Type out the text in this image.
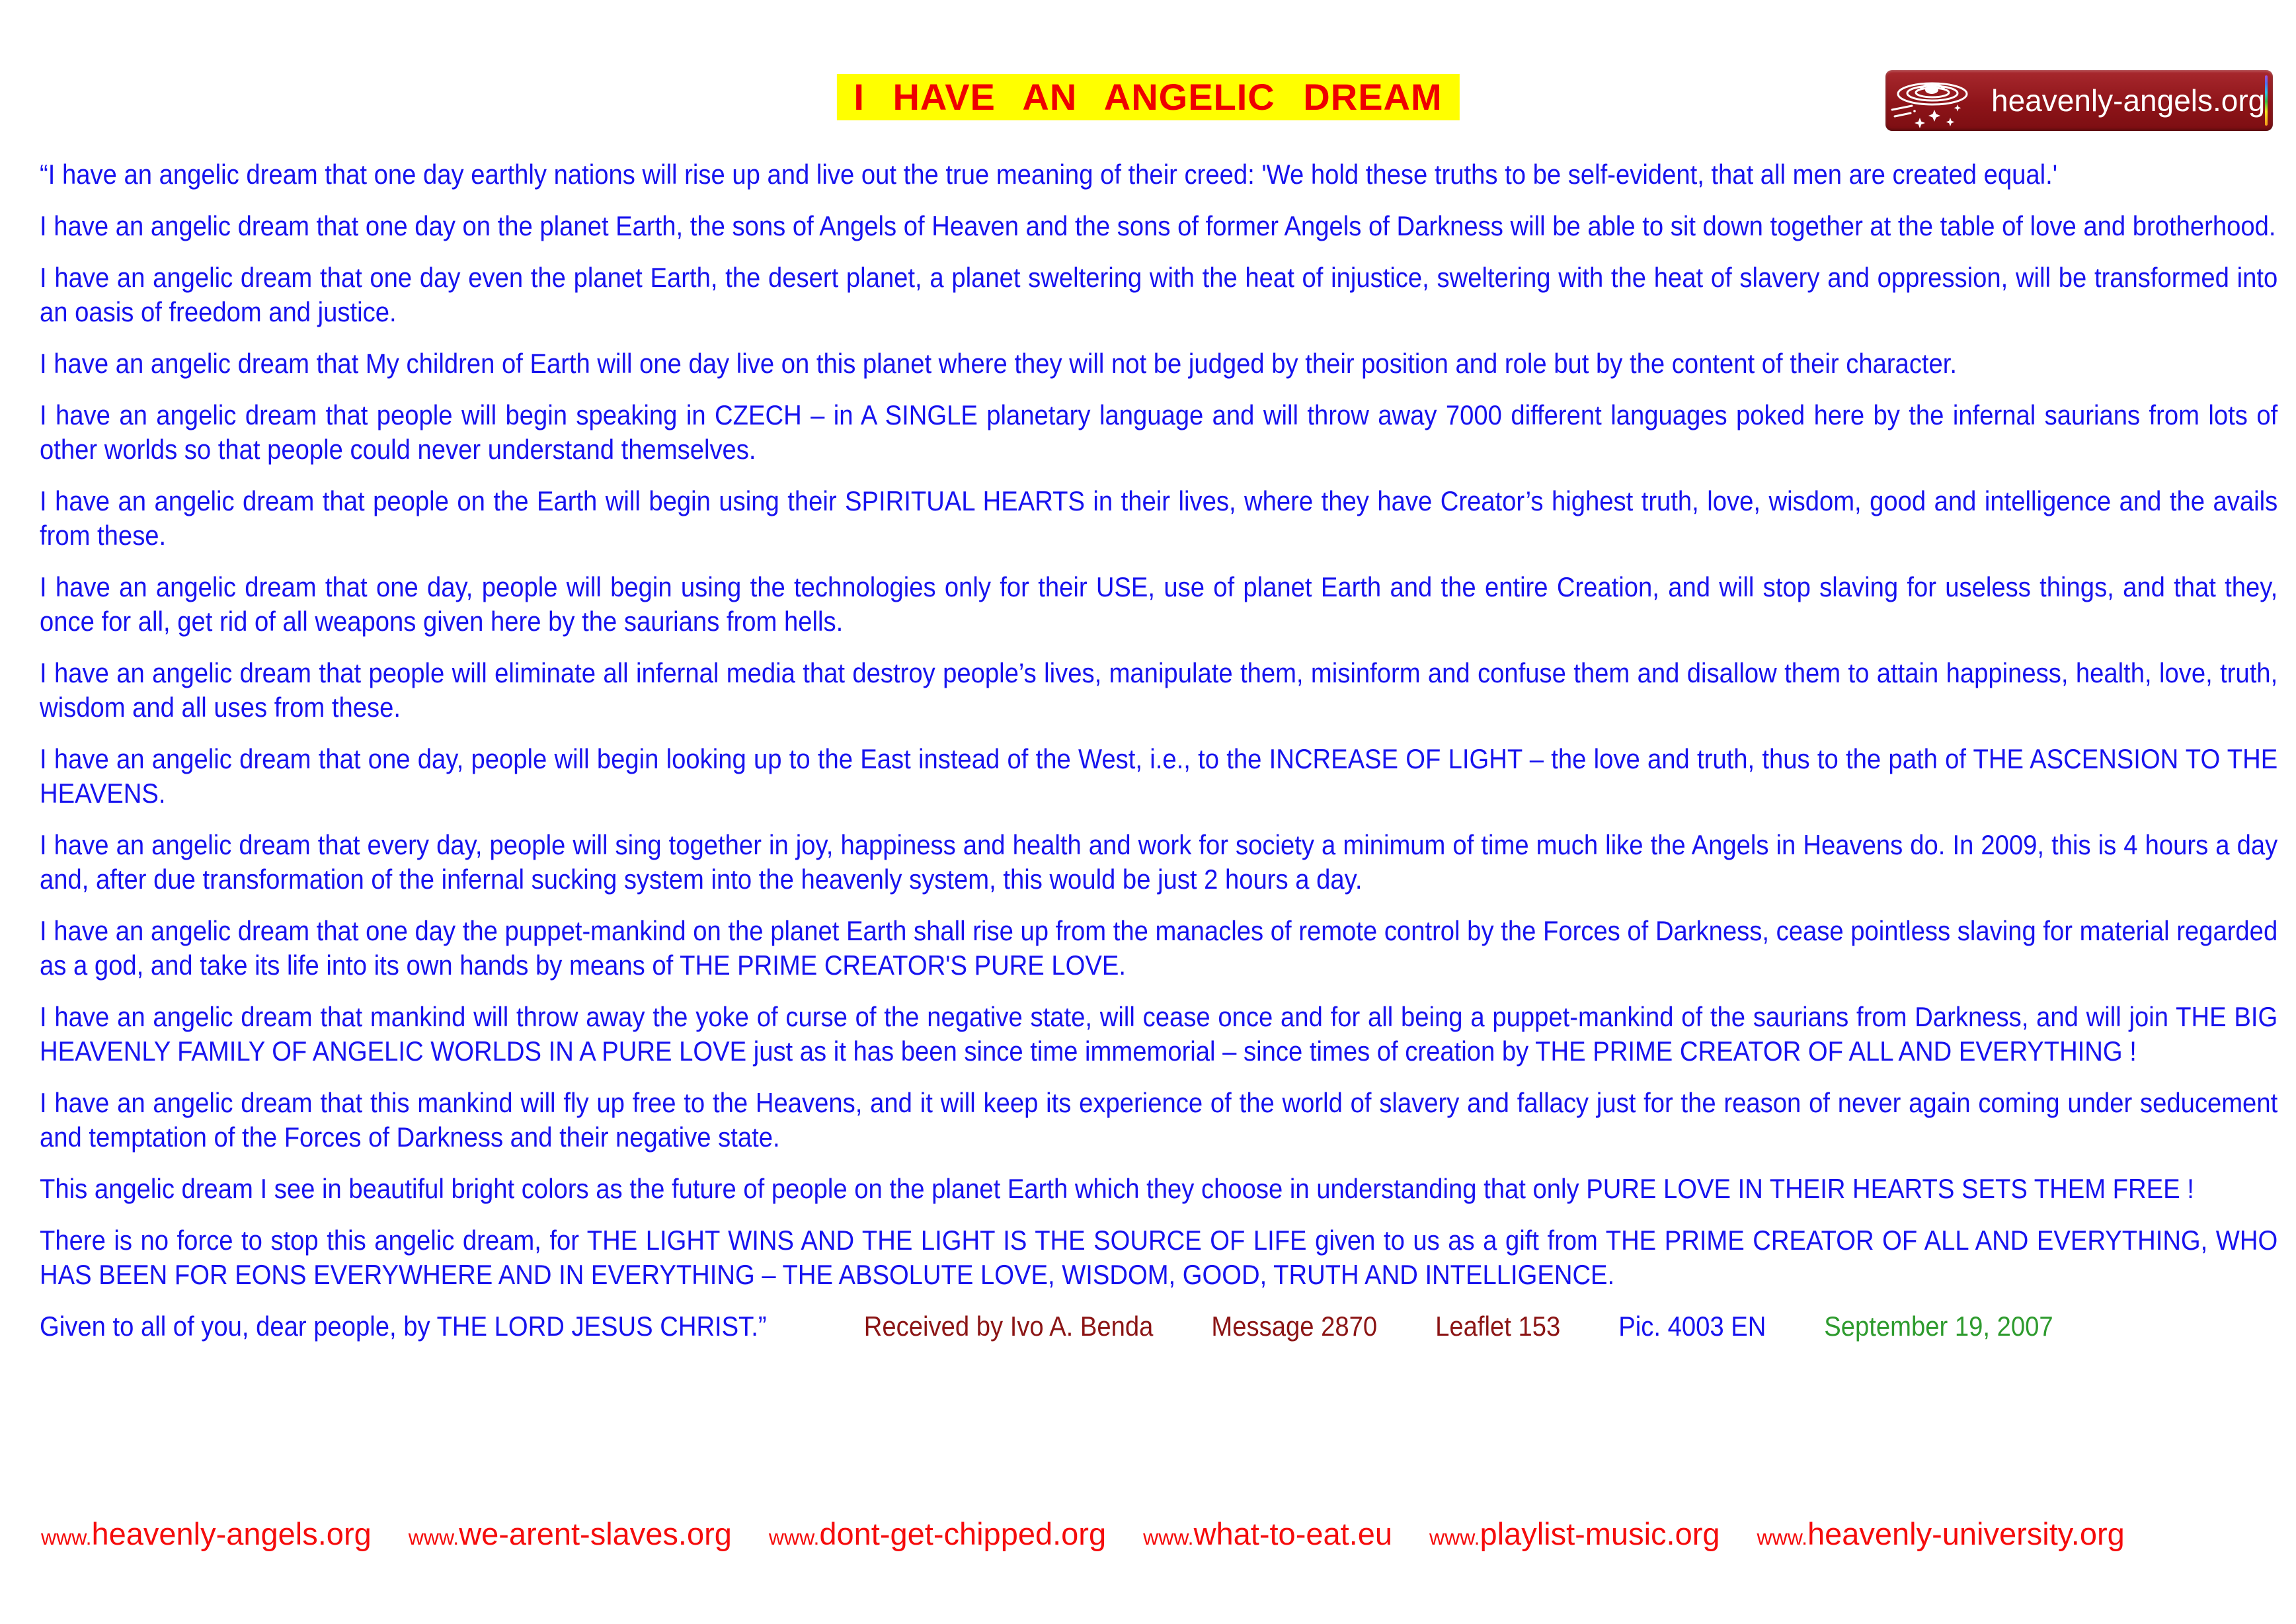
I HAVE AN ANGELIC DREAM	heavenly-angels.org

“I have an angelic dream that one day earthly nations will rise up and live out the true meaning of their creed: 'We hold these truths to be self-evident, that all men are created equal.'

I have an angelic dream that one day on the planet Earth, the sons of Angels of Heaven and the sons of former Angels of Darkness will be able to sit down together at the table of love and brotherhood.

I have an angelic dream that one day even the planet Earth, the desert planet, a planet sweltering with the heat of injustice, sweltering with the heat of slavery and oppression, will be transformed into an oasis of freedom and justice.

I have an angelic dream that My children of Earth will one day live on this planet where they will not be judged by their position and role but by the content of their character.

I have an angelic dream that people will begin speaking in CZECH – in A SINGLE planetary language and will throw away 7000 different languages poked here by the infernal saurians from lots of other worlds so that people could never understand themselves.

I have an angelic dream that people on the Earth will begin using their SPIRITUAL HEARTS in their lives, where they have Creator’s highest truth, love, wisdom, good and intelligence and the avails from these.

I have an angelic dream that one day, people will begin using the technologies only for their USE, use of planet Earth and the entire Creation, and will stop slaving for useless things, and that they, once for all, get rid of all weapons given here by the saurians from hells.

I have an angelic dream that people will eliminate all infernal media that destroy people’s lives, manipulate them, misinform and confuse them and disallow them to attain happiness, health, love, truth, wisdom and all uses from these.

I have an angelic dream that one day, people will begin looking up to the East instead of the West, i.e., to the INCREASE OF LIGHT – the love and truth, thus to the path of THE ASCENSION TO THE HEAVENS.

I have an angelic dream that every day, people will sing together in joy, happiness and health and work for society a minimum of time much like the Angels in Heavens do. In 2009, this is 4 hours a day and, after due transformation of the infernal sucking system into the heavenly system, this would be just 2 hours a day.

I have an angelic dream that one day the puppet-mankind on the planet Earth shall rise up from the manacles of remote control by the Forces of Darkness, cease pointless slaving for material regarded as a god, and take its life into its own hands by means of THE PRIME CREATOR'S PURE LOVE.

I have an angelic dream that mankind will throw away the yoke of curse of the negative state, will cease once and for all being a puppet-mankind of the saurians from Darkness, and will join THE BIG HEAVENLY FAMILY OF ANGELIC WORLDS IN A PURE LOVE just as it has been since time immemorial – since times of creation by THE PRIME CREATOR OF ALL AND EVERYTHING !

I have an angelic dream that this mankind will fly up free to the Heavens, and it will keep its experience of the world of slavery and fallacy just for the reason of never again coming under seducement and temptation of the Forces of Darkness and their negative state.

This angelic dream I see in beautiful bright colors as the future of people on the planet Earth which they choose in understanding that only PURE LOVE IN THEIR HEARTS SETS THEM FREE !

There is no force to stop this angelic dream, for THE LIGHT WINS AND THE LIGHT IS THE SOURCE OF LIFE given to us as a gift from THE PRIME CREATOR OF ALL AND EVERYTHING, WHO HAS BEEN FOR EONS EVERYWHERE AND IN EVERYTHING – THE ABSOLUTE LOVE, WISDOM, GOOD, TRUTH AND INTELLIGENCE.

Given to all of you, dear people, by THE LORD JESUS CHRIST.”	Received by Ivo A. Benda Message 2870 Leaflet 153 Pic. 4003 EN September 19, 2007

www. heavenly-angels.org www. we-arent-slaves.org www. dont-get-chipped.org www. what-to-eat.eu www. playlist-music.org www. heavenly-university.org
